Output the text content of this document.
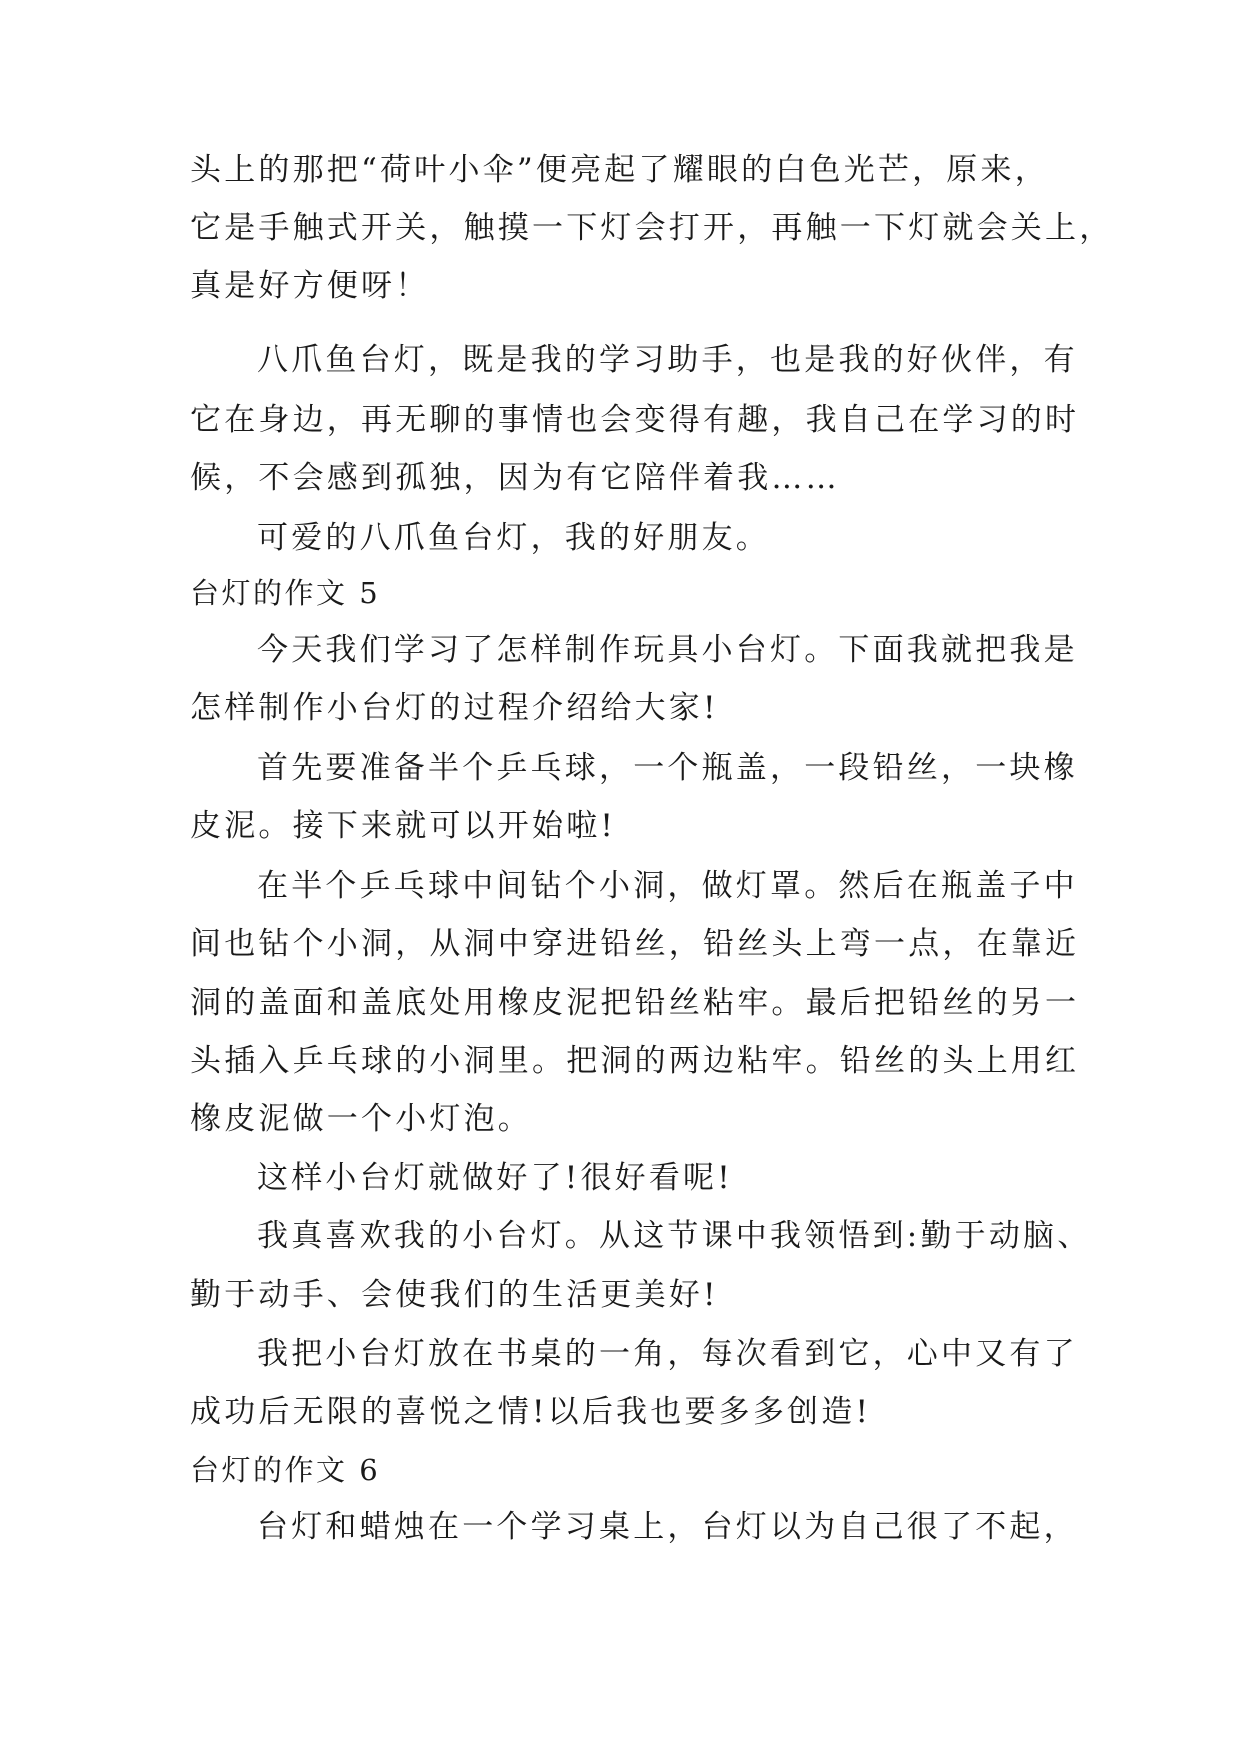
头上的那把“荷叶小伞”便亮起了耀眼的白色光芒，原来，

它是手触式开关，触摸一下灯会打开，再触一下灯就会关上，

真是好方便呀！

八爪鱼台灯，既是我的学习助手，也是我的好伙伴，有

它在身边，再无聊的事情也会变得有趣，我自己在学习的时

候，不会感到孤独，因为有它陪伴着我……

可爱的八爪鱼台灯，我的好朋友。

台灯的作文 5

今天我们学习了怎样制作玩具小台灯。下面我就把我是

怎样制作小台灯的过程介绍给大家!

首先要准备半个乒乓球，一个瓶盖，一段铅丝，一块橡

皮泥。接下来就可以开始啦!

在半个乒乓球中间钻个小洞，做灯罩。然后在瓶盖子中

间也钻个小洞，从洞中穿进铅丝，铅丝头上弯一点，在靠近

洞的盖面和盖底处用橡皮泥把铅丝粘牢。最后把铅丝的另一

头插入乒乓球的小洞里。把洞的两边粘牢。铅丝的头上用红

橡皮泥做一个小灯泡。

这样小台灯就做好了!很好看呢!

我真喜欢我的小台灯。从这节课中我领悟到:勤于动脑、

勤于动手、会使我们的生活更美好!

我把小台灯放在书桌的一角，每次看到它，心中又有了

成功后无限的喜悦之情!以后我也要多多创造!

台灯的作文 6

台灯和蜡烛在一个学习桌上，台灯以为自己很了不起，
